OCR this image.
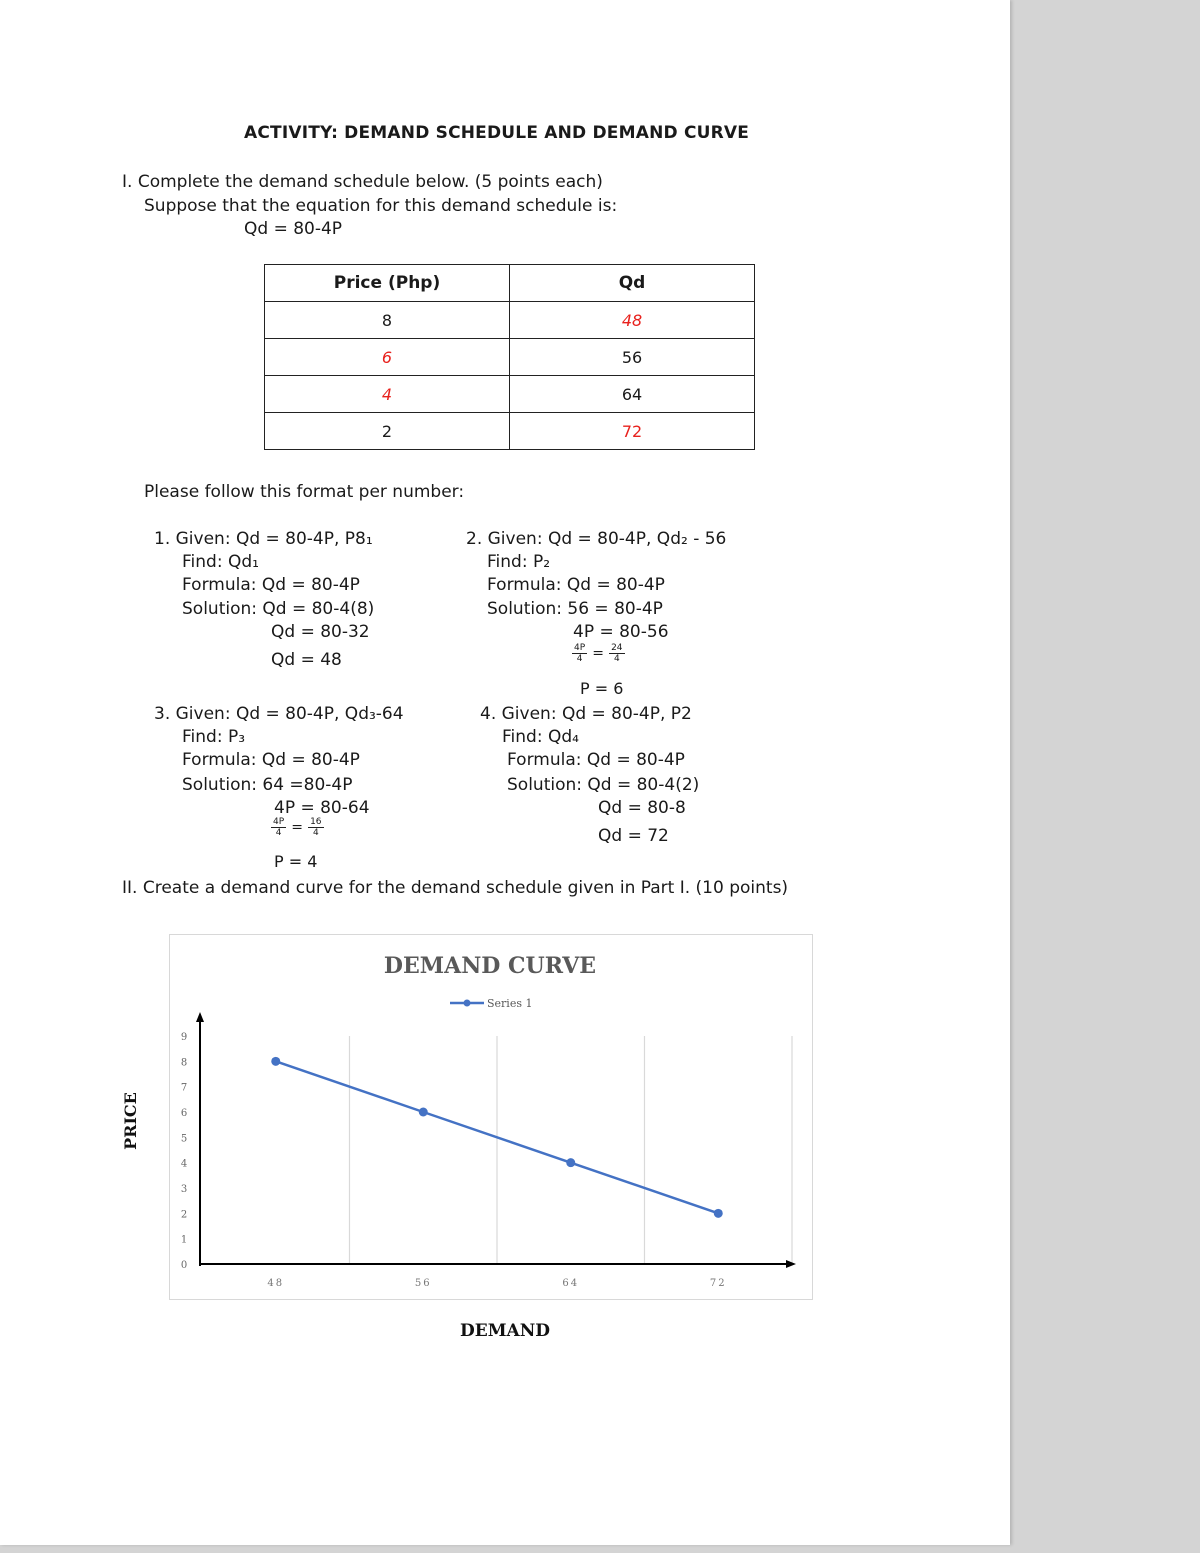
ACTIVITY: DEMAND SCHEDULE AND DEMAND CURVE
I. Complete the demand schedule below. (5 points each)
Suppose that the equation for this demand schedule is:
Qd = 80-4P
Price (Php)	Qd
8	48
6	56
4	64
2	72
Please follow this format per number:
1. Given: Qd = 80-4P, P8₁
Find: Qd₁
Formula: Qd = 80-4P
Solution: Qd = 80-4(8)
Qd = 80-32
Qd = 48
2. Given: Qd = 80-4P, Qd₂ - 56
Find: P₂
Formula: Qd = 80-4P
Solution: 56 = 80-4P
4P = 80-56
$\frac{4P}{4} = \frac{24}{4}$
P = 6
3. Given: Qd = 80-4P, Qd₃-64
Find: P₃
Formula: Qd = 80-4P
Solution: 64 =80-4P
4P = 80-64
$\frac{4P}{4} = \frac{16}{4}$
P = 4
4. Given: Qd = 80-4P, P2
Find: Qd₄
Formula: Qd = 80-4P
Solution: Qd = 80-4(2)
Qd = 80-8
Qd = 72
II. Create a demand curve for the demand schedule given in Part I. (10 points)
DEMAND CURVE
Series 1
0
1
2
3
4
5
6
7
8
9
48	56	64	72
PRICE
DEMAND
